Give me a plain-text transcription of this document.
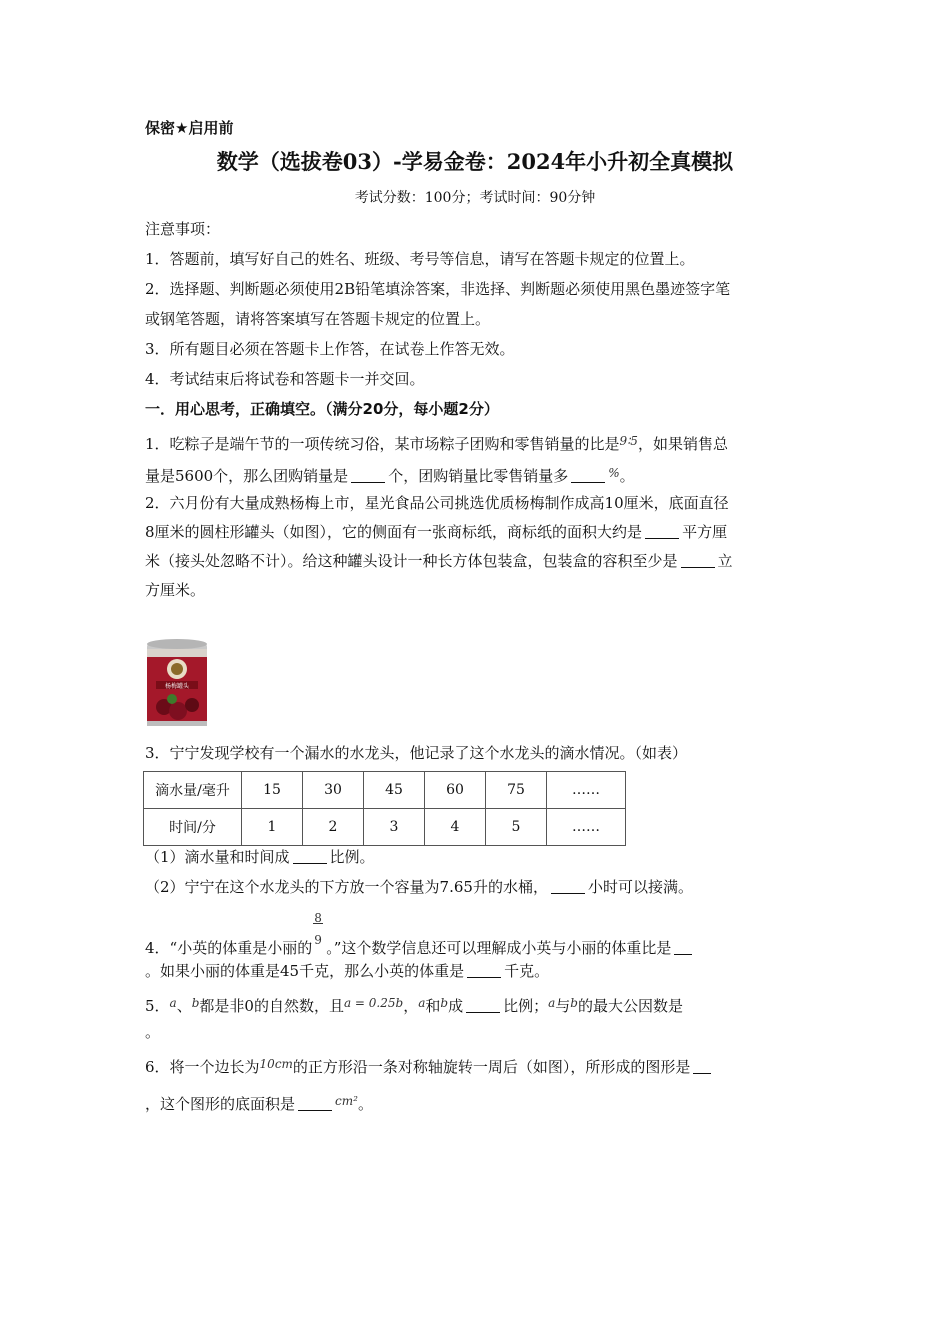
保密★启用前
数学（选拔卷03）-学易金卷：2024年小升初全真模拟
考试分数：100分；考试时间：90分钟
注意事项：
1．答题前，填写好自己的姓名、班级、考号等信息，请写在答题卡规定的位置上。
2．选择题、判断题必须使用2B铅笔填涂答案，非选择、判断题必须使用黑色墨迹签字笔
或钢笔答题，请将答案填写在答题卡规定的位置上。
3．所有题目必须在答题卡上作答，在试卷上作答无效。
4．考试结束后将试卷和答题卡一并交回。
一．用心思考，正确填空。（满分20分，每小题2分）
1．吃粽子是端午节的一项传统习俗，某市场粽子团购和零售销量的比是$^{9∶5}$，如果销售总
量是5600个，那么团购销量是	个，团购销量比零售销量多	%。
2．六月份有大量成熟杨梅上市，星光食品公司挑选优质杨梅制作成高10厘米，底面直径
8厘米的圆柱形罐头（如图），它的侧面有一张商标纸，商标纸的面积大约是	平方厘
米（接头处忽略不计）。给这种罐头设计一种长方体包装盒，包装盒的容积至少是	立
方厘米。
杨梅罐头
3．宁宁发现学校有一个漏水的水龙头，他记录了这个水龙头的滴水情况。（如表）
滴水量/毫升	15	30	45	60	75	……
时间/分	1	2	3	4	5	……
（1）滴水量和时间成	比例。
（2）宁宁在这个水龙头的下方放一个容量为7.65升的水桶，	小时可以接满。
4．“小英的体重是小丽的 $\frac{8}{9}$ 。”这个数学信息还可以理解成小英与小丽的体重比是
。如果小丽的体重是45千克，那么小英的体重是	千克。
5．$^a$、$^b$都是非0的自然数，且$^{a = 0.25b}$，$^a$和$^b$成	比例；$^a$与$^b$的最大公因数是
。
6．将一个边长为$^{10cm}$的正方形沿一条对称轴旋转一周后（如图），所形成的图形是
，这个图形的底面积是	$^{cm^2}$。
